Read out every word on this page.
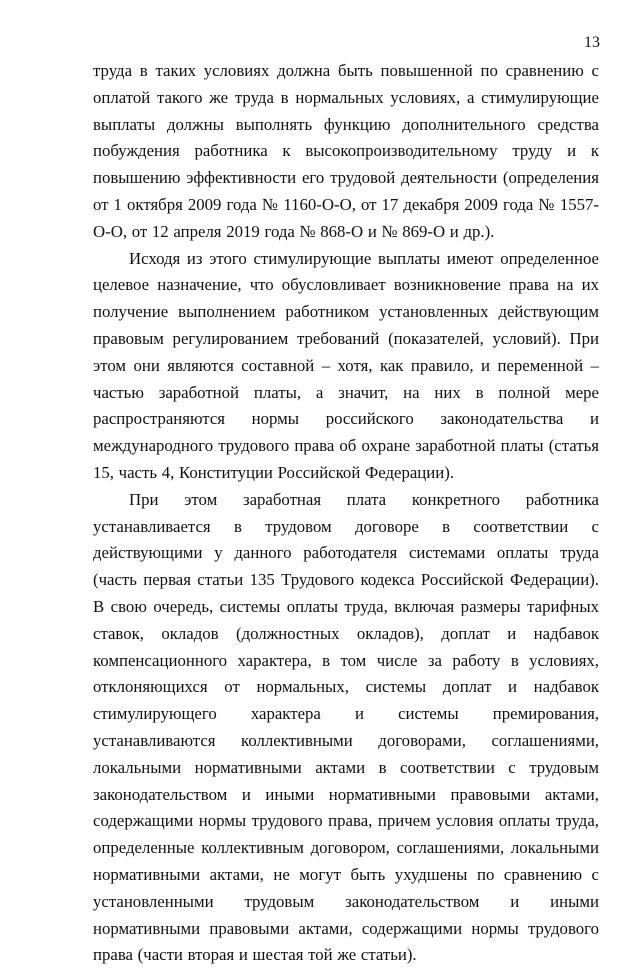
13

труда в таких условиях должна быть повышенной по сравнению с оплатой такого же труда в нормальных условиях, а стимулирующие выплаты должны выполнять функцию дополнительного средства побуждения работника к высокопроизводительному труду и к повышению эффективности его трудовой деятельности (определения от 1 октября 2009 года № 1160-О-О, от 17 декабря 2009 года № 1557-О-О, от 12 апреля 2019 года № 868-О и № 869-О и др.).

Исходя из этого стимулирующие выплаты имеют определенное целевое назначение, что обусловливает возникновение права на их получение выполнением работником установленных действующим правовым регулированием требований (показателей, условий). При этом они являются составной – хотя, как правило, и переменной – частью заработной платы, а значит, на них в полной мере распространяются нормы российского законодательства и международного трудового права об охране заработной платы (статья 15, часть 4, Конституции Российской Федерации).

При этом заработная плата конкретного работника устанавливается в трудовом договоре в соответствии с действующими у данного работодателя системами оплаты труда (часть первая статьи 135 Трудового кодекса Российской Федерации). В свою очередь, системы оплаты труда, включая размеры тарифных ставок, окладов (должностных окладов), доплат и надбавок компенсационного характера, в том числе за работу в условиях, отклоняющихся от нормальных, системы доплат и надбавок стимулирующего характера и системы премирования, устанавливаются коллективными договорами, соглашениями, локальными нормативными актами в соответствии с трудовым законодательством и иными нормативными правовыми актами, содержащими нормы трудового права, причем условия оплаты труда, определенные коллективным договором, соглашениями, локальными нормативными актами, не могут быть ухудшены по сравнению с установленными трудовым законодательством и иными нормативными правовыми актами, содержащими нормы трудового права (части вторая и шестая той же статьи).
